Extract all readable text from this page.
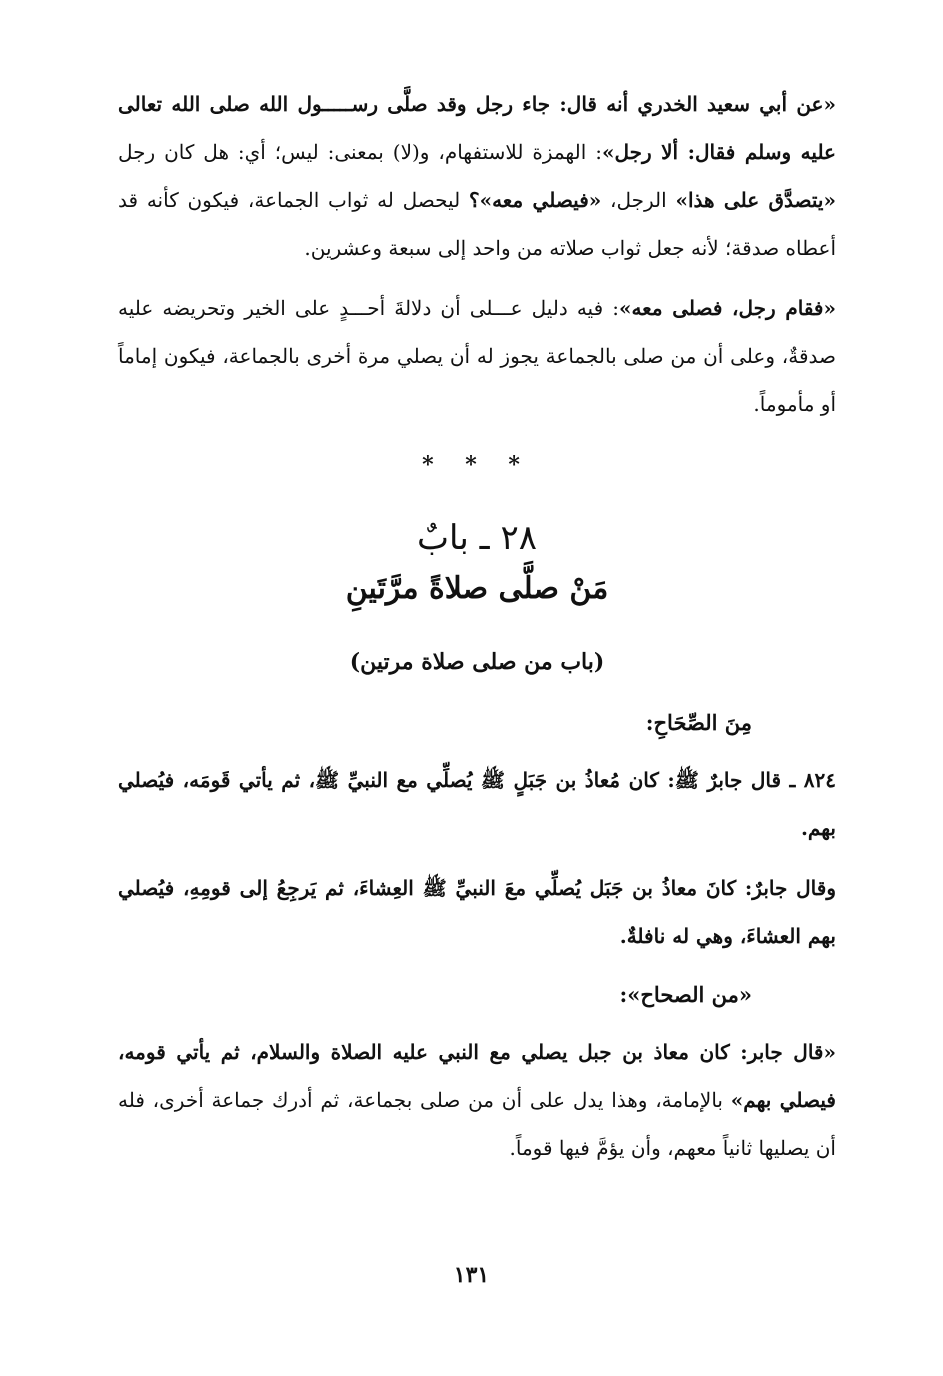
«عن أبي سعيد الخدري أنه قال: جاء رجل وقد صلَّى رســـــول الله صلى الله تعالى عليه وسلم فقال: ألا رجل»: الهمزة للاستفهام، و(لا) بمعنى: ليس؛ أي: هل كان رجل «يتصدَّق على هذا» الرجل، «فيصلي معه»؟ ليحصل له ثواب الجماعة، فيكون كأنه قد أعطاه صدقة؛ لأنه جعل ثواب صلاته من واحد إلى سبعة وعشرين.

«فقام رجل، فصلى معه»: فيه دليل عـــلى أن دلالةَ أحـــدٍ على الخير وتحريضه عليه صدقةٌ، وعلى أن من صلى بالجماعة يجوز له أن يصلي مرة أخرى بالجماعة، فيكون إماماً أو مأموماً.

* * *
٢٨ ـ بابٌ
مَنْ صلَّى صلاةً مرَّتَينِ
(باب من صلى صلاة مرتين)
مِنَ الصِّحَاحِ:

٨٢٤ ـ قال جابرٌ ﷺ: كان مُعاذُ بن جَبَلٍ ﷺ يُصلِّي مع النبيِّ ﷺ، ثم يأتي قَومَه، فيُصلي بهم.

وقال جابرٌ: كانَ معاذُ بن جَبَل يُصلِّي معَ النبيِّ ﷺ العِشاءَ، ثم يَرجِعُ إلى قومِهِ، فيُصلي بهم العشاءَ، وهي له نافلةٌ.

«من الصحاح»:

«قال جابر: كان معاذ بن جبل يصلي مع النبي عليه الصلاة والسلام، ثم يأتي قومه، فيصلي بهم» بالإمامة، وهذا يدل على أن من صلى بجماعة، ثم أدرك جماعة أخرى، فله أن يصليها ثانياً معهم، وأن يؤمَّ فيها قوماً.

١٣١
